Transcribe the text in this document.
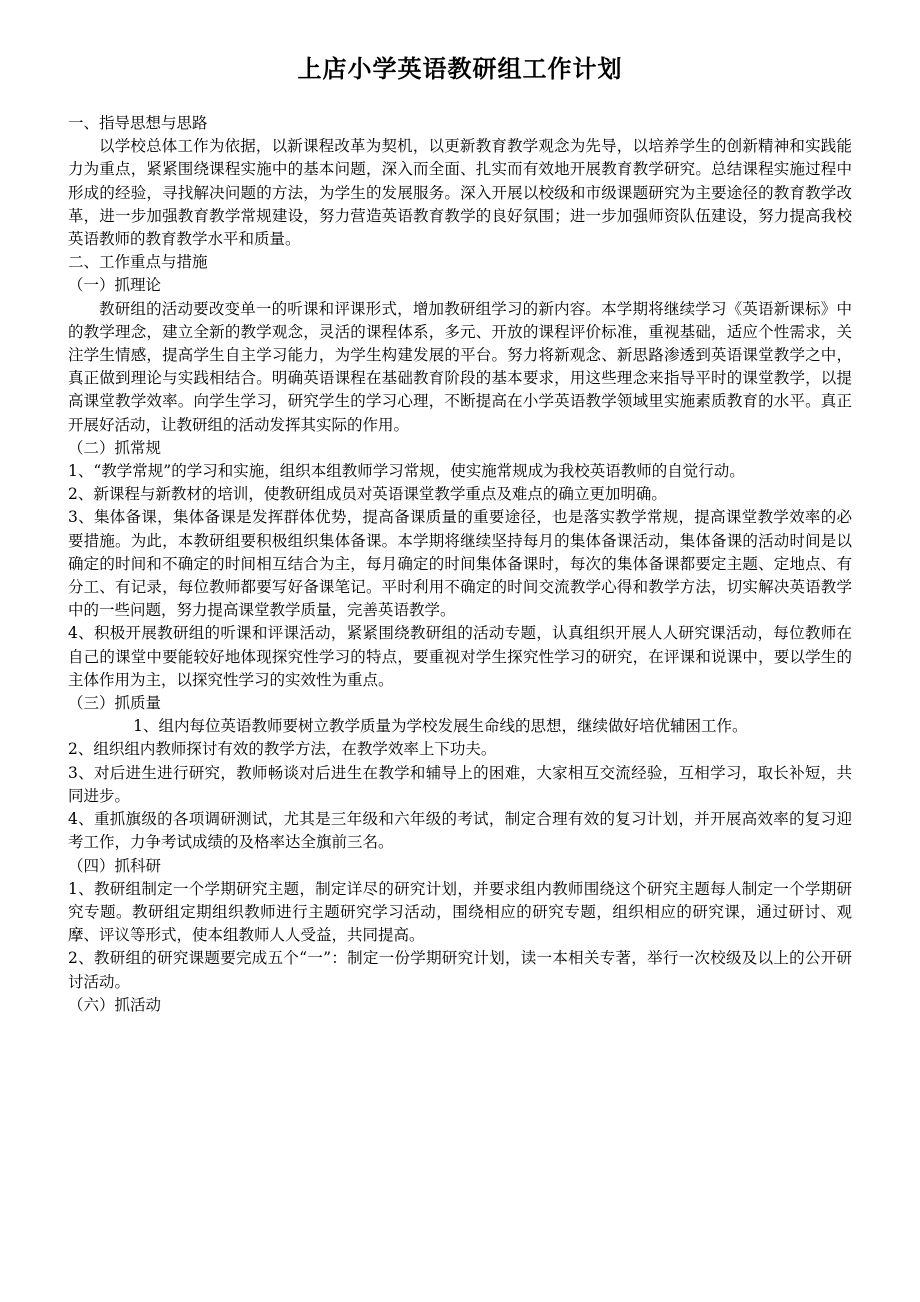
上店小学英语教研组工作计划

一、指导思想与思路

以学校总体工作为依据，以新课程改革为契机，以更新教育教学观念为先导，以培养学生的创新精神和实践能力为重点，紧紧围绕课程实施中的基本问题，深入而全面、扎实而有效地开展教育教学研究。总结课程实施过程中形成的经验，寻找解决问题的方法，为学生的发展服务。深入开展以校级和市级课题研究为主要途径的教育教学改革，进一步加强教育教学常规建设，努力营造英语教育教学的良好氛围；进一步加强师资队伍建设，努力提高我校英语教师的教育教学水平和质量。

二、工作重点与措施

（一）抓理论

教研组的活动要改变单一的听课和评课形式，增加教研组学习的新内容。本学期将继续学习《英语新课标》中的教学理念，建立全新的教学观念，灵活的课程体系，多元、开放的课程评价标准，重视基础，适应个性需求，关注学生情感，提高学生自主学习能力，为学生构建发展的平台。努力将新观念、新思路渗透到英语课堂教学之中，真正做到理论与实践相结合。明确英语课程在基础教育阶段的基本要求，用这些理念来指导平时的课堂教学，以提高课堂教学效率。向学生学习，研究学生的学习心理，不断提高在小学英语教学领域里实施素质教育的水平。真正开展好活动，让教研组的活动发挥其实际的作用。

（二）抓常规

1、“教学常规”的学习和实施，组织本组教师学习常规，使实施常规成为我校英语教师的自觉行动。

2、新课程与新教材的培训，使教研组成员对英语课堂教学重点及难点的确立更加明确。

3、集体备课，集体备课是发挥群体优势，提高备课质量的重要途径，也是落实教学常规，提高课堂教学效率的必要措施。为此，本教研组要积极组织集体备课。本学期将继续坚持每月的集体备课活动，集体备课的活动时间是以确定的时间和不确定的时间相互结合为主，每月确定的时间集体备课时，每次的集体备课都要定主题、定地点、有分工、有记录，每位教师都要写好备课笔记。平时利用不确定的时间交流教学心得和教学方法，切实解决英语教学中的一些问题，努力提高课堂教学质量，完善英语教学。

4、积极开展教研组的听课和评课活动，紧紧围绕教研组的活动专题，认真组织开展人人研究课活动，每位教师在自己的课堂中要能较好地体现探究性学习的特点，要重视对学生探究性学习的研究，在评课和说课中，要以学生的主体作用为主，以探究性学习的实效性为重点。

（三）抓质量

1、组内每位英语教师要树立教学质量为学校发展生命线的思想，继续做好培优辅困工作。

2、组织组内教师探讨有效的教学方法，在教学效率上下功夫。

3、对后进生进行研究，教师畅谈对后进生在教学和辅导上的困难，大家相互交流经验，互相学习，取长补短，共同进步。

4、重抓旗级的各项调研测试，尤其是三年级和六年级的考试，制定合理有效的复习计划，并开展高效率的复习迎考工作，力争考试成绩的及格率达全旗前三名。

（四）抓科研

1、教研组制定一个学期研究主题，制定详尽的研究计划，并要求组内教师围绕这个研究主题每人制定一个学期研究专题。教研组定期组织教师进行主题研究学习活动，围绕相应的研究专题，组织相应的研究课，通过研讨、观摩、评议等形式，使本组教师人人受益，共同提高。

2、教研组的研究课题要完成五个“一”：制定一份学期研究计划，读一本相关专著，举行一次校级及以上的公开研讨活动。

（六）抓活动
